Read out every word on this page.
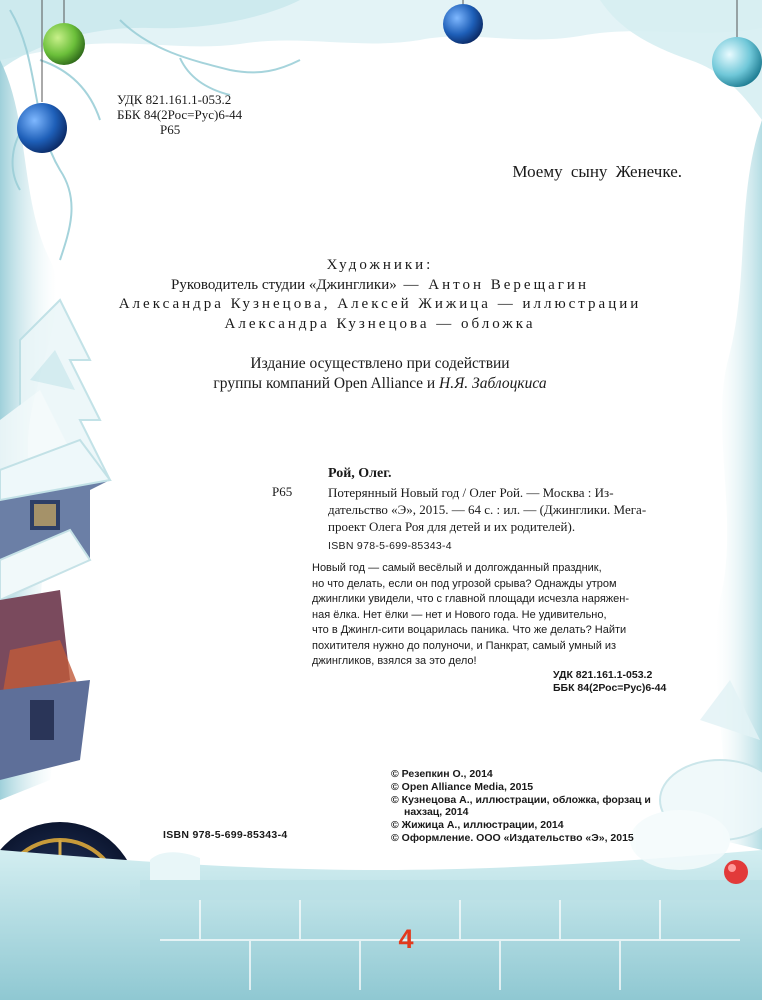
УДК 821.161.1-053.2
ББК 84(2Рос=Рус)6-44
Р65
Моему сыну Женечке.
Художники:
Руководитель студии «Джинглики» — Антон Верещагин
Александра Кузнецова, Алексей Жижица — иллюстрации
Александра Кузнецова — обложка
Издание осуществлено при содействии
группы компаний Open Alliance и Н.Я. Заблоцкиса
Рой, Олег.
Р65	Потерянный Новый год / Олег Рой. — Москва : Из-
дательство «Э», 2015. — 64 с. : ил. — (Джинглики. Мега-
проект Олега Роя для детей и их родителей).
ISBN 978-5-699-85343-4
Новый год — самый весёлый и долгожданный праздник,
но что делать, если он под угрозой срыва? Однажды утром
джинглики увидели, что с главной площади исчезла наряжен-
ная ёлка. Нет ёлки — нет и Нового года. Не удивительно,
что в Джингл-сити воцарилась паника. Что же делать? Найти
похитителя нужно до полуночи, и Панкрат, самый умный из
джингликов, взялся за это дело!
УДК 821.161.1-053.2
ББК 84(2Рос=Рус)6-44
© Резепкин О., 2014
© Open Alliance Media, 2015
© Кузнецова А., иллюстрации, обложка, форзац и
нахзац, 2014
© Жижица А., иллюстрации, 2014
© Оформление. ООО «Издательство «Э», 2015
ISBN 978-5-699-85343-4
4
